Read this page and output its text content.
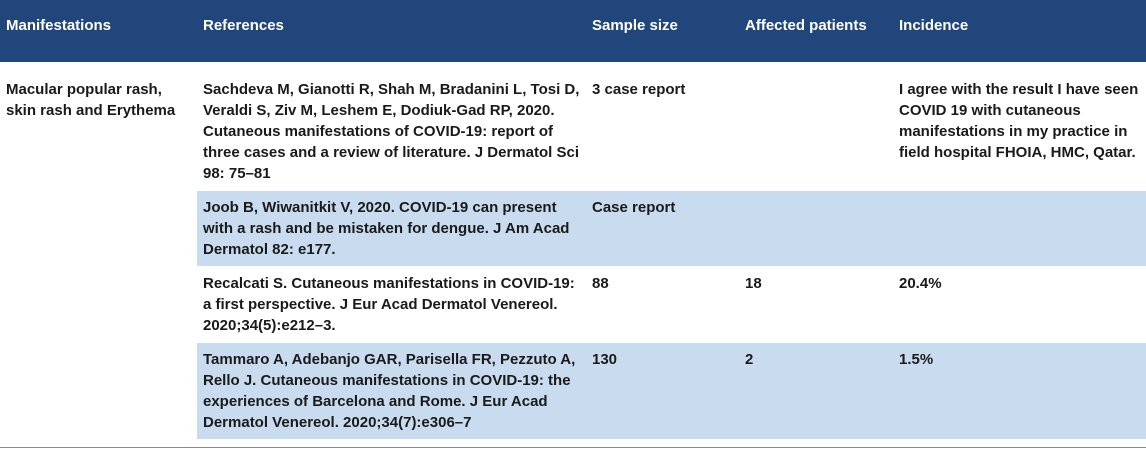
Manifestations	References	Sample size	Affected patients	Incidence

Macular popular rash, skin rash and Erythema	Sachdeva M, Gianotti R, Shah M, Bradanini L, Tosi D, Veraldi S, Ziv M, Leshem E, Dodiuk-Gad RP, 2020. Cutaneous manifestations of COVID-19: report of three cases and a review of literature. J Dermatol Sci 98: 75–81	3 case report		I agree with the result I have seen COVID 19 with cutaneous manifestations in my practice in field hospital FHOIA, HMC, Qatar.
	Joob B, Wiwanitkit V, 2020. COVID-19 can present with a rash and be mistaken for dengue. J Am Acad Dermatol 82: e177.	Case report		
	Recalcati S. Cutaneous manifestations in COVID-19: a first perspective. J Eur Acad Dermatol Venereol. 2020;34(5):e212–3.	88	18	20.4%
	Tammaro A, Adebanjo GAR, Parisella FR, Pezzuto A, Rello J. Cutaneous manifestations in COVID-19: the experiences of Barcelona and Rome. J Eur Acad Dermatol Venereol. 2020;34(7):e306–7	130	2	1.5%
